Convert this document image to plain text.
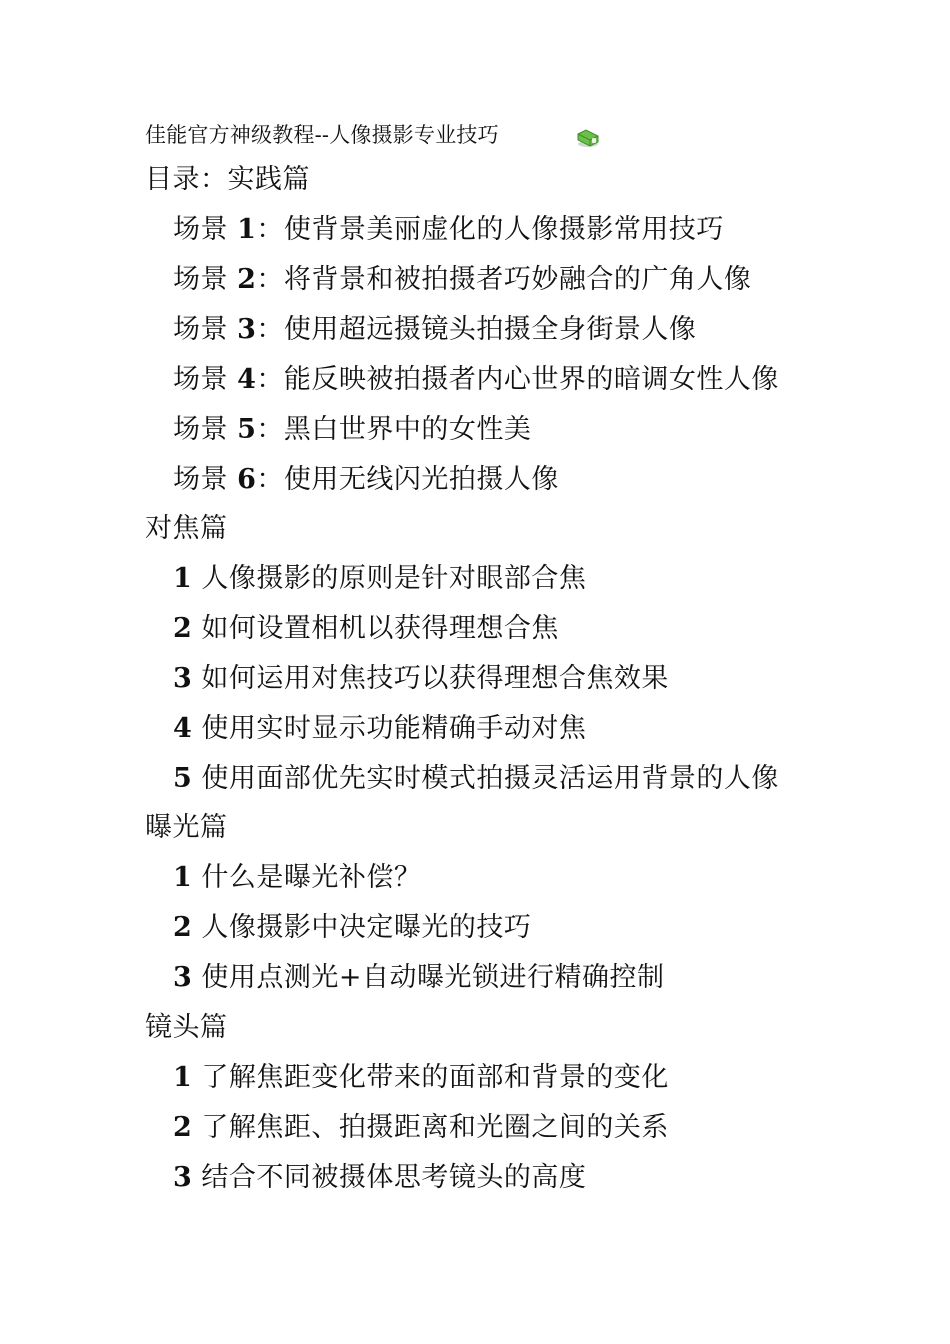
佳能官方神级教程--人像摄影专业技巧
目录：实践篇
场景 1：使背景美丽虚化的人像摄影常用技巧
场景 2：将背景和被拍摄者巧妙融合的广角人像
场景 3：使用超远摄镜头拍摄全身街景人像
场景 4：能反映被拍摄者内心世界的暗调女性人像
场景 5：黑白世界中的女性美
场景 6：使用无线闪光拍摄人像
对焦篇
1 人像摄影的原则是针对眼部合焦
2 如何设置相机以获得理想合焦
3 如何运用对焦技巧以获得理想合焦效果
4 使用实时显示功能精确手动对焦
5 使用面部优先实时模式拍摄灵活运用背景的人像
曝光篇
1 什么是曝光补偿？
2 人像摄影中决定曝光的技巧
3 使用点测光+自动曝光锁进行精确控制
镜头篇
1 了解焦距变化带来的面部和背景的变化
2 了解焦距、拍摄距离和光圈之间的关系
3 结合不同被摄体思考镜头的高度
